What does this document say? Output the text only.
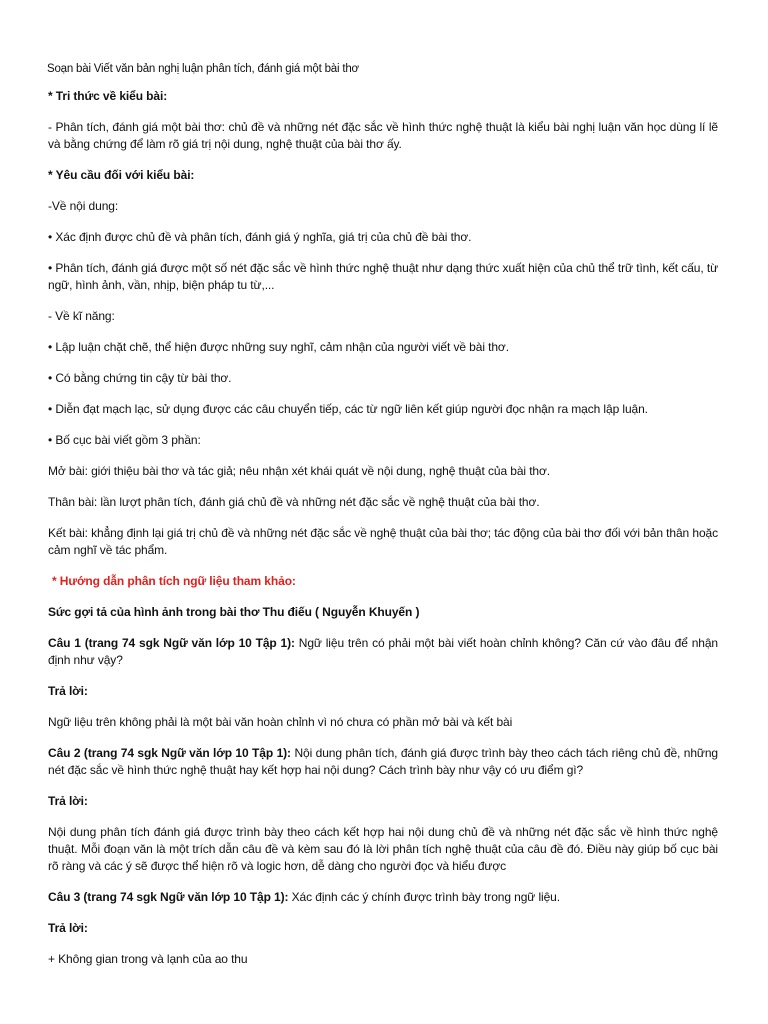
Soạn bài Viết văn bản nghị luận phân tích, đánh giá một bài thơ

* Tri thức về kiểu bài:

- Phân tích, đánh giá một bài thơ: chủ đề và những nét đặc sắc về hình thức nghệ thuật là kiểu bài nghị luận văn học dùng lí lẽ và bằng chứng để làm rõ giá trị nội dung, nghệ thuật của bài thơ ấy.

* Yêu cầu đối với kiểu bài:

-Về nội dung:

• Xác định được chủ đề và phân tích, đánh giá ý nghĩa, giá trị của chủ đề bài thơ.

• Phân tích, đánh giá được một số nét đặc sắc về hình thức nghệ thuật như dạng thức xuất hiện của chủ thể trữ tình, kết cấu, từ ngữ, hình ảnh, vần, nhịp, biện pháp tu từ,...

- Về kĩ năng:

• Lập luận chặt chẽ, thể hiện được những suy nghĩ, cảm nhận của người viết về bài thơ.

• Có bằng chứng tin cậy từ bài thơ.

• Diễn đạt mạch lạc, sử dụng được các câu chuyển tiếp, các từ ngữ liên kết giúp người đọc nhận ra mạch lập luận.

• Bố cục bài viết gồm 3 phần:

Mở bài: giới thiệu bài thơ và tác giả; nêu nhận xét khái quát về nội dung, nghệ thuật của bài thơ.

Thân bài: lần lượt phân tích, đánh giá chủ đề và những nét đặc sắc về nghệ thuật của bài thơ.

Kết bài: khẳng định lại giá trị chủ đề và những nét đặc sắc về nghệ thuật của bài thơ; tác động của bài thơ đối với bản thân hoặc cảm nghĩ về tác phẩm.

* Hướng dẫn phân tích ngữ liệu tham khảo:

Sức gợi tả của hình ảnh trong bài thơ Thu điếu ( Nguyễn Khuyến )

Câu 1 (trang 74 sgk Ngữ văn lớp 10 Tập 1): Ngữ liệu trên có phải một bài viết hoàn chỉnh không? Căn cứ vào đâu để nhận định như vậy?

Trả lời:

Ngữ liệu trên không phải là một bài văn hoàn chỉnh vì nó chưa có phần mở bài và kết bài

Câu 2 (trang 74 sgk Ngữ văn lớp 10 Tập 1): Nội dung phân tích, đánh giá được trình bày theo cách tách riêng chủ đề, những nét đặc sắc về hình thức nghệ thuật hay kết hợp hai nội dung? Cách trình bày như vậy có ưu điểm gì?

Trả lời:

Nội dung phân tích đánh giá được trình bày theo cách kết hợp hai nội dung chủ đề và những nét đặc sắc về hình thức nghệ thuật. Mỗi đoạn văn là một trích dẫn câu đề và kèm sau đó là lời phân tích nghệ thuật của câu đề đó. Điều này giúp bố cục bài rõ ràng và các ý sẽ được thể hiện rõ và logic hơn, dễ dàng cho người đọc và hiểu được

Câu 3 (trang 74 sgk Ngữ văn lớp 10 Tập 1): Xác định các ý chính được trình bày trong ngữ liệu.

Trả lời:

+ Không gian trong và lạnh của ao thu
